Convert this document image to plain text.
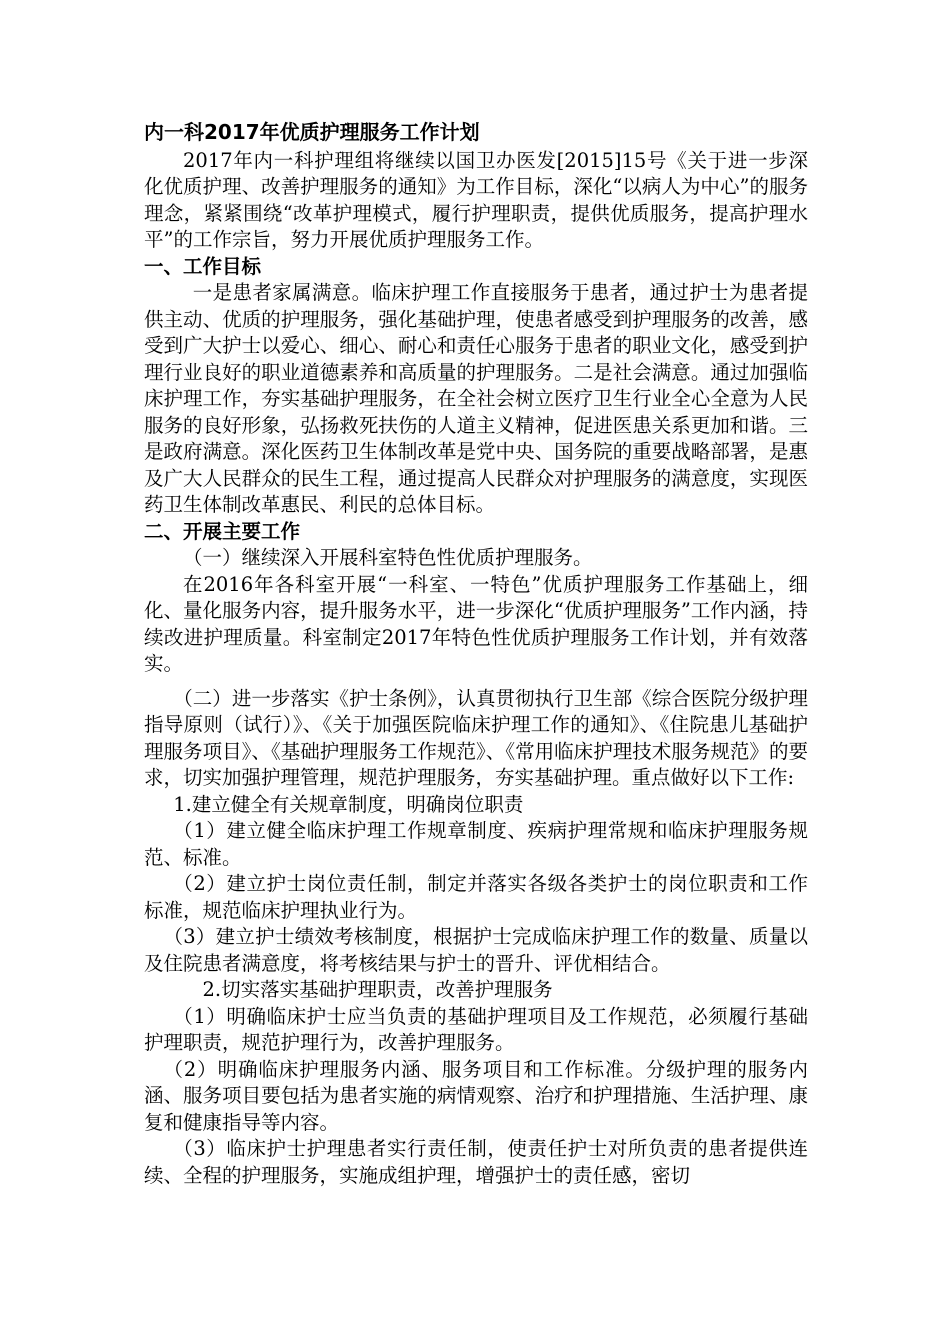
内一科2017年优质护理服务工作计划

2017年内一科护理组将继续以国卫办医发[2015]15号《关于进一步深化优质护理、改善护理服务的通知》为工作目标，深化“以病人为中心”的服务理念，紧紧围绕“改革护理模式，履行护理职责，提供优质服务，提高护理水平”的工作宗旨，努力开展优质护理服务工作。

一、工作目标

一是患者家属满意。临床护理工作直接服务于患者，通过护士为患者提供主动、优质的护理服务，强化基础护理，使患者感受到护理服务的改善，感受到广大护士以爱心、细心、耐心和责任心服务于患者的职业文化，感受到护理行业良好的职业道德素养和高质量的护理服务。二是社会满意。通过加强临床护理工作，夯实基础护理服务，在全社会树立医疗卫生行业全心全意为人民服务的良好形象，弘扬救死扶伤的人道主义精神，促进医患关系更加和谐。三是政府满意。深化医药卫生体制改革是党中央、国务院的重要战略部署，是惠及广大人民群众的民生工程，通过提高人民群众对护理服务的满意度，实现医药卫生体制改革惠民、利民的总体目标。

二、开展主要工作

（一）继续深入开展科室特色性优质护理服务。

在2016年各科室开展“一科室、一特色”优质护理服务工作基础上，细化、量化服务内容，提升服务水平，进一步深化“优质护理服务”工作内涵，持续改进护理质量。科室制定2017年特色性优质护理服务工作计划，并有效落实。

（二）进一步落实《护士条例》，认真贯彻执行卫生部《综合医院分级护理指导原则（试行）》、《关于加强医院临床护理工作的通知》、《住院患儿基础护理服务项目》、《基础护理服务工作规范》、《常用临床护理技术服务规范》的要求，切实加强护理管理，规范护理服务，夯实基础护理。重点做好以下工作:

1.建立健全有关规章制度，明确岗位职责

（1）建立健全临床护理工作规章制度、疾病护理常规和临床护理服务规范、标准。

（2）建立护士岗位责任制，制定并落实各级各类护士的岗位职责和工作标准，规范临床护理执业行为。

（3）建立护士绩效考核制度，根据护士完成临床护理工作的数量、质量以及住院患者满意度，将考核结果与护士的晋升、评优相结合。

2.切实落实基础护理职责，改善护理服务

（1）明确临床护士应当负责的基础护理项目及工作规范，必须履行基础护理职责，规范护理行为，改善护理服务。

（2）明确临床护理服务内涵、服务项目和工作标准。分级护理的服务内涵、服务项目要包括为患者实施的病情观察、治疗和护理措施、生活护理、康复和健康指导等内容。

（3）临床护士护理患者实行责任制，使责任护士对所负责的患者提供连续、全程的护理服务，实施成组护理，增强护士的责任感，密切
